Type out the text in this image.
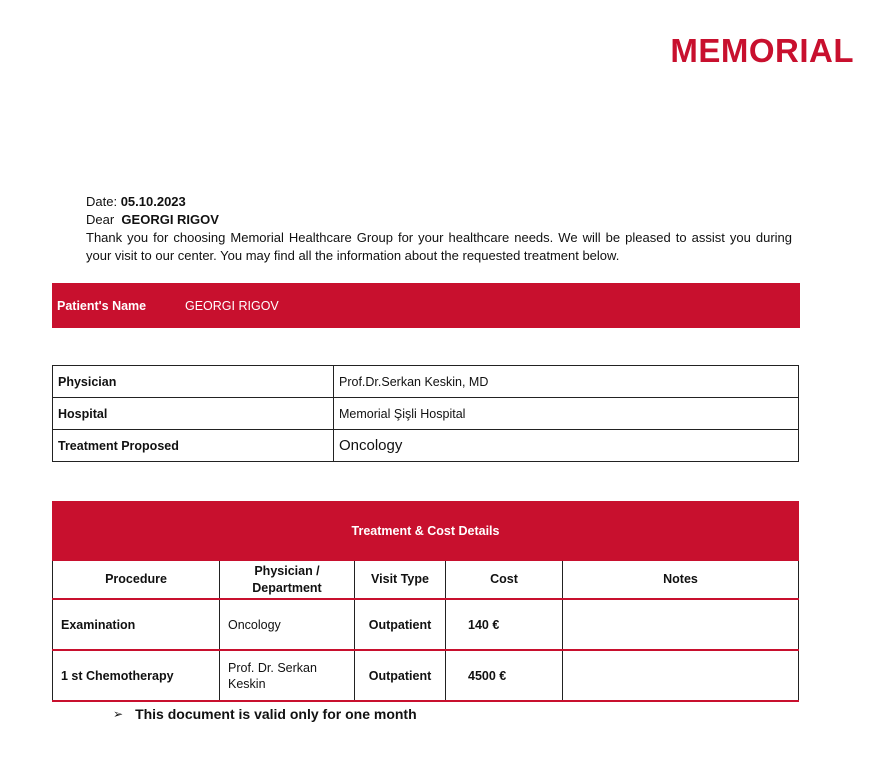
MEMORIAL

Date: 05.10.2023

Dear GEORGI RIGOV

Thank you for choosing Memorial Healthcare Group for your healthcare needs. We will be pleased to assist you during your visit to our center. You may find all the information about the requested treatment below.

Patient's Name	GEORGI RIGOV
Physician	Prof.Dr.Serkan Keskin, MD
Hospital	Memorial Şişli Hospital
Treatment Proposed	Oncology
Treatment & Cost Details
Procedure	Physician / Department	Visit Type	Cost	Notes
Examination	Oncology	Outpatient	140 €	
1 st Chemotherapy	Prof. Dr. Serkan Keskin	Outpatient	4500 €	
➢ This document is valid only for one month
